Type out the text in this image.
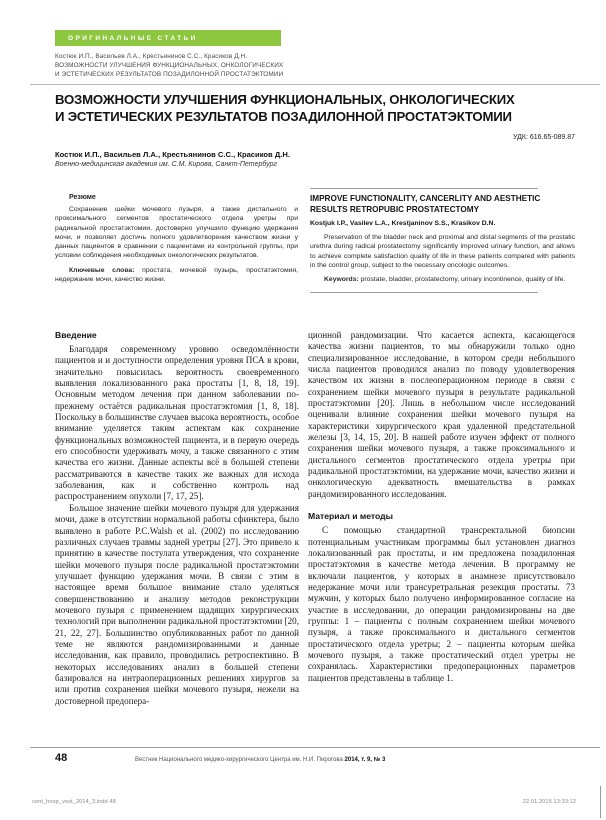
ОРИГИНАЛЬНЫЕ СТАТЬИ
Костюк И.П., Васильев Л.А., Крестьянинов С.С., Красиков Д.Н.
ВОЗМОЖНОСТИ УЛУЧШЕНИЯ ФУНКЦИОНАЛЬНЫХ, ОНКОЛОГИЧЕСКИХ
И ЭСТЕТИЧЕСКИХ РЕЗУЛЬТАТОВ ПОЗАДИЛОННОЙ ПРОСТАТЭКТОМИИ
ВОЗМОЖНОСТИ УЛУЧШЕНИЯ ФУНКЦИОНАЛЬНЫХ, ОНКОЛОГИЧЕСКИХ
И ЭСТЕТИЧЕСКИХ РЕЗУЛЬТАТОВ ПОЗАДИЛОННОЙ ПРОСТАТЭКТОМИИ
УДК: 616.65-089.87
Костюк И.П., Васильев Л.А., Крестьянинов С.С., Красиков Д.Н.
Военно-медицинская академия им. С.М. Кирова, Санкт-Петербург
Резюме
Сохранение шейки мочевого пузыря, а также дистального и проксимального сегментов простатического отдела уретры при радикальной простатэктомии, достоверно улучшило функцию удержания мочи, и позволяет достичь полного удовлетворения качеством жизни у данных пациентов в сравнении с пациентами из контрольной группы, при условии соблюдения необходимых онкологических результатов.
Ключевые слова: простата, мочевой пузырь, простатэктомия, недержание мочи, качество жизни.
IMPROVE FUNCTIONALITY, CANCERLITY AND AESTHETIC
RESULTS RETROPUBIC PROSTATECTOMY
Kostjuk I.P., Vasilev L.A., Krestjaninov S.S., Krasikov D.N.
Preservation of the bladder neck and proximal and distal segments of the prostatic urethra during radical prostatectomy significantly improved urinary function, and allows to achieve complete satisfaction quality of life in these patients compared with patients in the control group, subject to the necessary oncologic outcomes.
Keywords: prostate, bladder, prostatectomy, urinary incontinence, quality of life.
Введение
Благодаря современному уровню осведомлённости пациентов и и доступности определения уровня ПСА в крови, значительно повысилась вероятность своевременного выявления локализованного рака простаты [1, 8, 18, 19]. Основным методом лечения при данном заболевании по-прежнему остаётся радикальная простатэктомия [1, 8, 18]. Поскольку в большинстве случаев высока вероятность, особое внимание уделяется таким аспектам как сохранение функциональных возможностей пациента, и в первую очередь его способности удерживать мочу, а также связанного с этим качества его жизни. Данные аспекты всё в большей степени рассматриваются в качестве таких же важных для исхода заболевания, как и собственно контроль над распространением опухоли [7, 17, 25].
Большое значение шейки мочевого пузыря для удержания мочи, даже в отсутствии нормальной работы сфинктера, было выявлено в работе P.C.Walsh et al. (2002) по исследованию различных случаев травмы задней уретры [27]. Это привело к принятию в качестве постулата утверждения, что сохранение шейки мочевого пузыря после радикальной простатэктомии улучшает функцию удержания мочи. В связи с этим в настоящее время большое внимание стало уделяться совершенствованию и анализу методов реконструкции мочевого пузыря с применением щадящих хирургических технологий при выполнении радикальной простатэктомии [20, 21, 22, 27]. Большинство опубликованных работ по данной теме не являются рандомизированными и данные исследования, как правило, проводились ретроспективно. В некоторых исследованиях анализ в большей степени базировался на интраоперационных решениях хирургов за или против сохранения шейки мочевого пузыря, нежели на достоверной предопера-
ционной рандомизации. Что касается аспекта, касающегося качества жизни пациентов, то мы обнаружили только одно специализированное исследование, в котором среди небольшого числа пациентов проводился анализ по поводу удовлетворения качеством их жизни в послеоперационном периоде в связи с сохранением шейки мочевого пузыря в результате радикальной простатэктомии [20]. Лишь в небольшом числе исследований оценивали влияние сохранения шейки мочевого пузыря на характеристики хирургического края удаленной предстательной железы [3, 14, 15, 20]. В нашей работе изучен эффект от полного сохранения шейки мочевого пузыря, а также проксимального и дистального сегментов простатического отдела уретры при радикальной простатэктомии, на удержание мочи, качество жизни и онкологическую адекватность вмешательства в рамках рандомизированного исследования.
Материал и методы
С помощью стандартной трансректальной биопсии потенциальным участникам программы был установлен диагноз локализованный рак простаты, и им предложена позадилонная простатэктомия в качестве метода лечения. В программу не включали пациентов, у которых в анамнезе присутствовало недержание мочи или трансуретральная резекция простаты. 73 мужчин, у которых было получено информированное согласие на участие в исследовании, до операции рандомизированы на две группы: 1 – пациенты с полным сохранением шейки мочевого пузыря, а также проксимального и дистального сегментов простатического отдела уретры; 2 – пациенты которым шейка мочевого пузыря, а также простатический отдел уретры не сохранялась. Характеристики предоперационных параметров пациентов представлены в таблице 1.
48	Вестник Национального медико-хирургического Центра им. Н.И. Пирогова 2014, т. 9, № 3
cent_hosp_vest_2014_3.indd 48	22.01.2015 13:33:12
